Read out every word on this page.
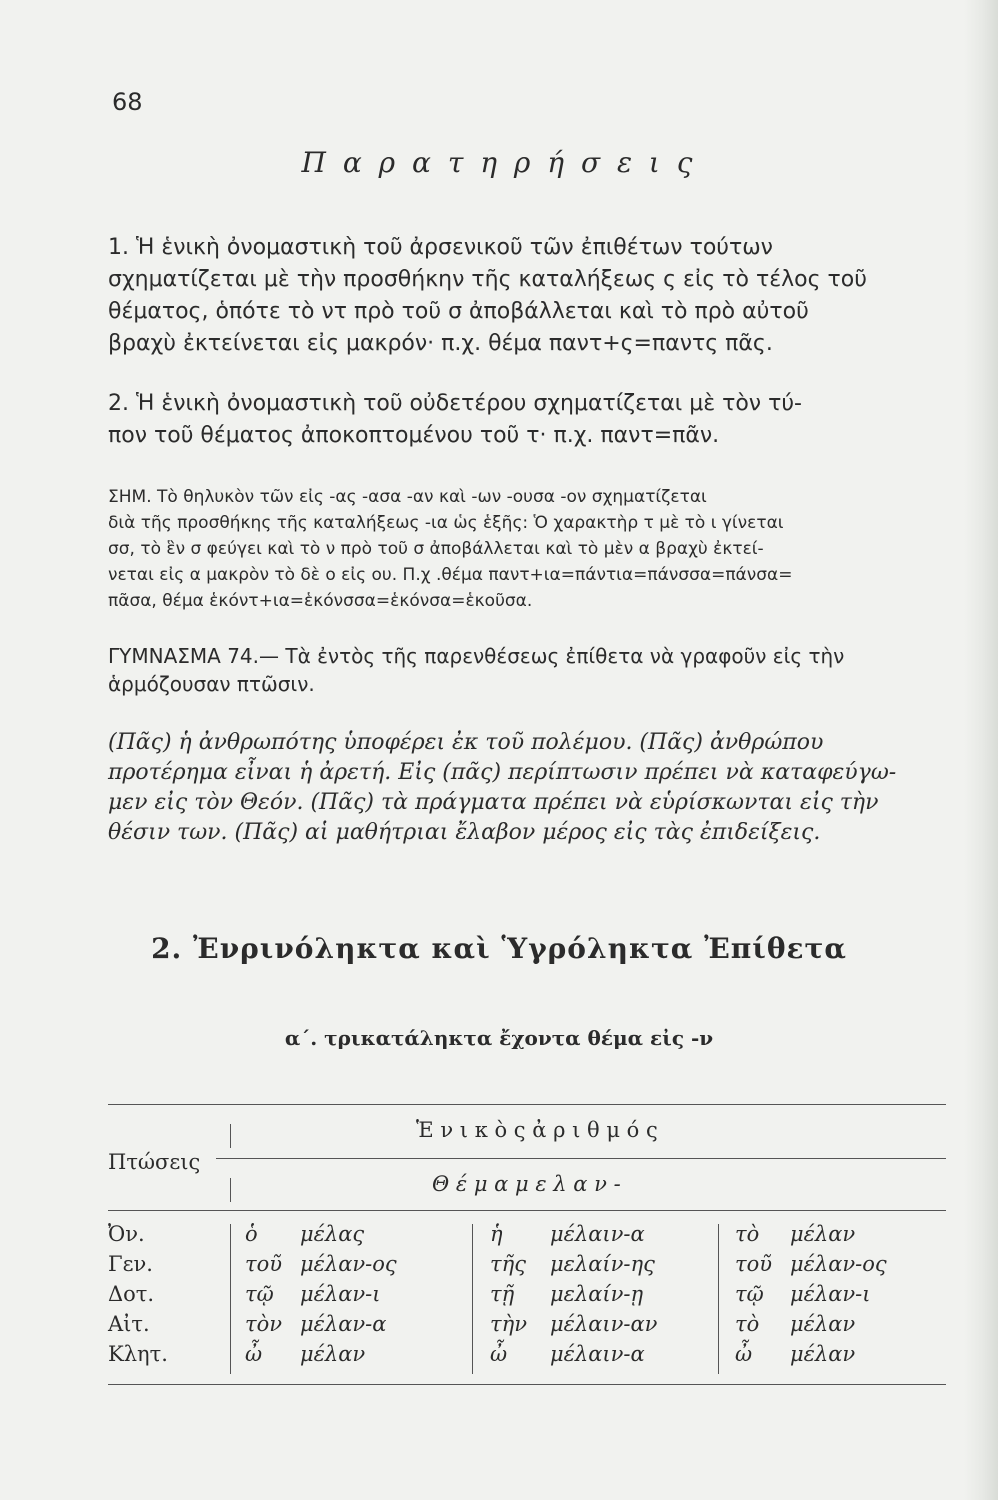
68
Π α ρ α τ η ρ ή σ ε ι ς
1. Ἡ ἑνικὴ ὀνομαστικὴ τοῦ ἀρσενικοῦ τῶν ἐπιθέτων τούτων
σχηματίζεται μὲ τὴν προσθήκην τῆς καταλήξεως ς εἰς τὸ τέλος τοῦ
θέματος, ὁπότε τὸ ντ πρὸ τοῦ σ ἀποβάλλεται καὶ τὸ πρὸ αὐτοῦ
βραχὺ ἐκτείνεται εἰς μακρόν· π.χ. θέμα παντ+ς=παντς πᾶς.
2. Ἡ ἑνικὴ ὀνομαστικὴ τοῦ οὐδετέρου σχηματίζεται μὲ τὸν τύ-
πον τοῦ θέματος ἀποκοπτομένου τοῦ τ· π.χ. παντ=πᾶν.
ΣΗΜ. Τὸ θηλυκὸν τῶν εἰς -ας -ασα -αν καὶ -ων -ουσα -ον σχηματίζεται
διὰ τῆς προσθήκης τῆς καταλήξεως -ια ὡς ἑξῆς: Ὁ χαρακτὴρ τ μὲ τὸ ι γίνεται
σσ, τὸ ἓν σ φεύγει καὶ τὸ ν πρὸ τοῦ σ ἀποβάλλεται καὶ τὸ μὲν α βραχὺ ἐκτεί-
νεται εἰς α μακρὸν τὸ δὲ ο εἰς ου. Π.χ .θέμα παντ+ια=πάντια=πάνσσα=πάνσα=
πᾶσα, θέμα ἑκόντ+ια=ἑκόνσσα=ἑκόνσα=ἑκοῦσα.
ΓΥΜΝΑΣΜΑ 74.— Τὰ ἐντὸς τῆς παρενθέσεως ἐπίθετα νὰ γραφοῦν εἰς τὴν
ἁρμόζουσαν πτῶσιν.
(Πᾶς) ἡ ἀνθρωπότης ὑποφέρει ἐκ τοῦ πολέμου. (Πᾶς) ἀνθρώπου
προτέρημα εἶναι ἡ ἀρετή. Εἰς (πᾶς) περίπτωσιν πρέπει νὰ καταφεύγω-
μεν εἰς τὸν Θεόν. (Πᾶς) τὰ πράγματα πρέπει νὰ εὑρίσκωνται εἰς τὴν
θέσιν των. (Πᾶς) αἱ μαθήτριαι ἔλαβον μέρος εἰς τὰς ἐπιδείξεις.
2. Ἐνρινόληκτα καὶ Ὑγρόληκτα Ἐπίθετα
α΄. τρικατάληκτα ἔχοντα θέμα εἰς -ν
Πτώσεις
Ἑ ν ι κ ὸ ς ἀ ρ ι θ μ ό ς
Θ έ μ α μ ε λ α ν -
Ὀν.	ὁ μέλας	ἡ μέλαιν-α	τὸ μέλαν
Γεν.	τοῦ μέλαν-ος	τῆς μελαίν-ης	τοῦ μέλαν-ος
Δοτ.	τῷ μέλαν-ι	τῇ μελαίν-ῃ	τῷ μέλαν-ι
Αἰτ.	τὸν μέλαν-α	τὴν μέλαιν-αν	τὸ μέλαν
Κλητ.	ὦ μέλαν	ὦ μέλαιν-α	ὦ μέλαν
